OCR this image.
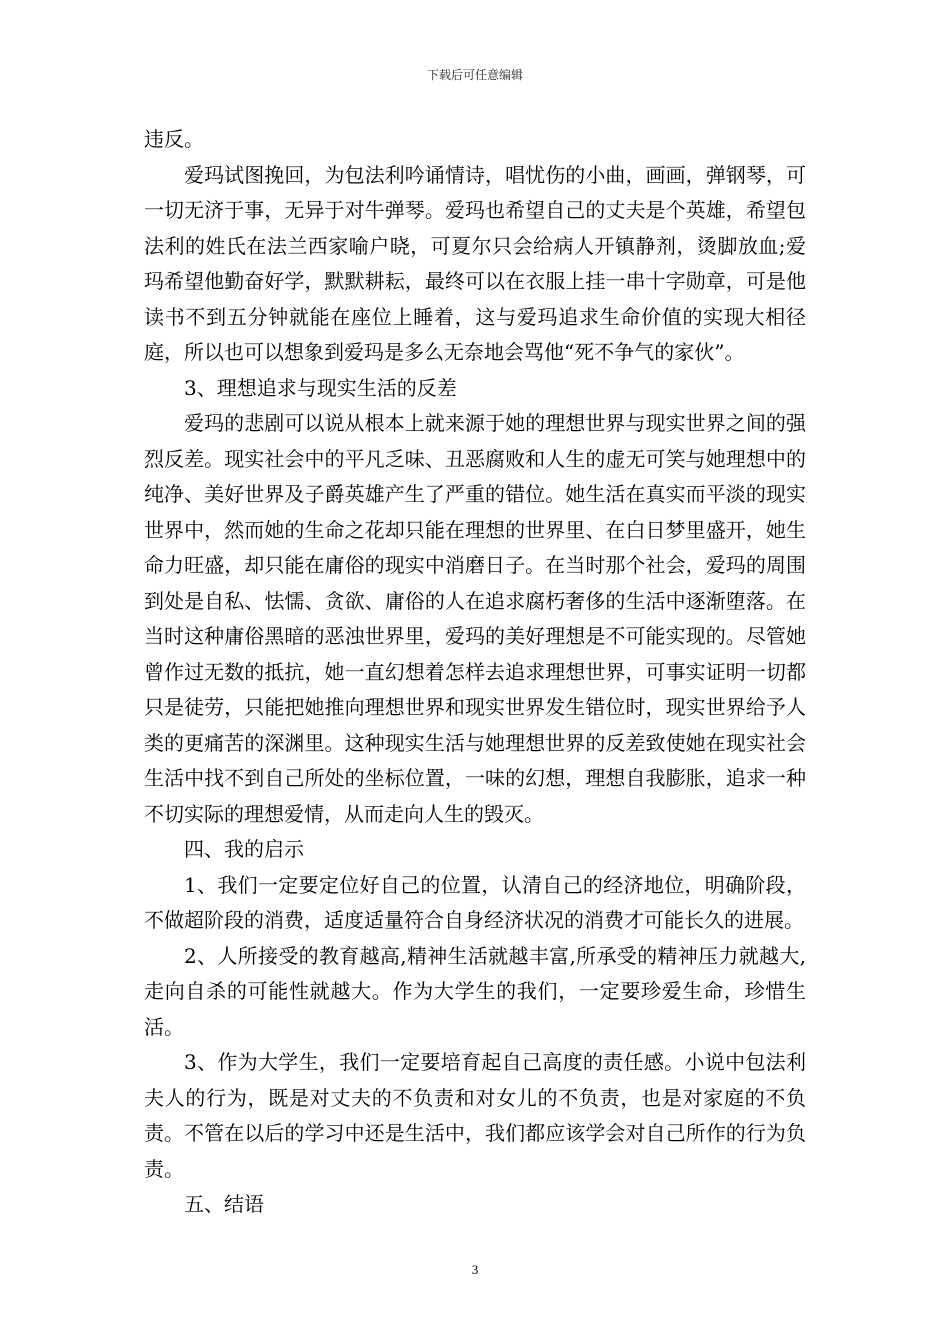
下载后可任意编辑

违反。

爱玛试图挽回，为包法利吟诵情诗，唱忧伤的小曲，画画，弹钢琴，可一切无济于事，无异于对牛弹琴。爱玛也希望自己的丈夫是个英雄，希望包法利的姓氏在法兰西家喻户晓，可夏尔只会给病人开镇静剂，烫脚放血;爱玛希望他勤奋好学，默默耕耘，最终可以在衣服上挂一串十字勋章，可是他读书不到五分钟就能在座位上睡着，这与爱玛追求生命价值的实现大相径庭，所以也可以想象到爱玛是多么无奈地会骂他“死不争气的家伙”。

3、理想追求与现实生活的反差

爱玛的悲剧可以说从根本上就来源于她的理想世界与现实世界之间的强烈反差。现实社会中的平凡乏味、丑恶腐败和人生的虚无可笑与她理想中的纯净、美好世界及子爵英雄产生了严重的错位。她生活在真实而平淡的现实世界中，然而她的生命之花却只能在理想的世界里、在白日梦里盛开，她生命力旺盛，却只能在庸俗的现实中消磨日子。在当时那个社会，爱玛的周围到处是自私、怯懦、贪欲、庸俗的人在追求腐朽奢侈的生活中逐渐堕落。在当时这种庸俗黑暗的恶浊世界里，爱玛的美好理想是不可能实现的。尽管她曾作过无数的抵抗，她一直幻想着怎样去追求理想世界，可事实证明一切都只是徒劳，只能把她推向理想世界和现实世界发生错位时，现实世界给予人类的更痛苦的深渊里。这种现实生活与她理想世界的反差致使她在现实社会生活中找不到自己所处的坐标位置，一味的幻想，理想自我膨胀，追求一种不切实际的理想爱情，从而走向人生的毁灭。

四、我的启示

1、我们一定要定位好自己的位置，认清自己的经济地位，明确阶段，不做超阶段的消费，适度适量符合自身经济状况的消费才可能长久的进展。

2、人所接受的教育越高,精神生活就越丰富,所承受的精神压力就越大,走向自杀的可能性就越大。作为大学生的我们，一定要珍爱生命，珍惜生活。

3、作为大学生，我们一定要培育起自己高度的责任感。小说中包法利夫人的行为，既是对丈夫的不负责和对女儿的不负责，也是对家庭的不负责。不管在以后的学习中还是生活中，我们都应该学会对自己所作的行为负责。

五、结语

3
